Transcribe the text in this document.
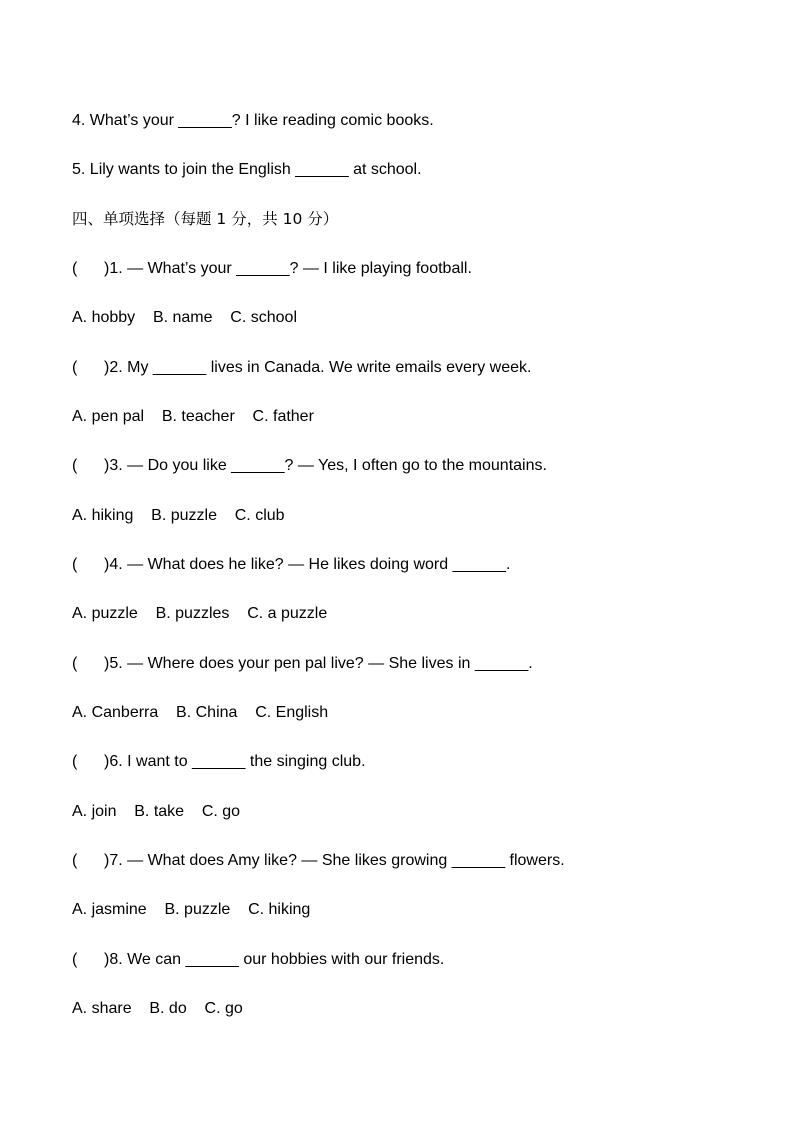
4. What’s your ______? I like reading comic books.
5. Lily wants to join the English ______ at school.
四、单项选择（每题 1 分，共 10 分）
(      )1. — What’s your ______? — I like playing football.
A. hobby    B. name    C. school
(      )2. My ______ lives in Canada. We write emails every week.
A. pen pal    B. teacher    C. father
(      )3. — Do you like ______? — Yes, I often go to the mountains.
A. hiking    B. puzzle    C. club
(      )4. — What does he like? — He likes doing word ______.
A. puzzle    B. puzzles    C. a puzzle
(      )5. — Where does your pen pal live? — She lives in ______.
A. Canberra    B. China    C. English
(      )6. I want to ______ the singing club.
A. join    B. take    C. go
(      )7. — What does Amy like? — She likes growing ______ flowers.
A. jasmine    B. puzzle    C. hiking
(      )8. We can ______ our hobbies with our friends.
A. share    B. do    C. go
